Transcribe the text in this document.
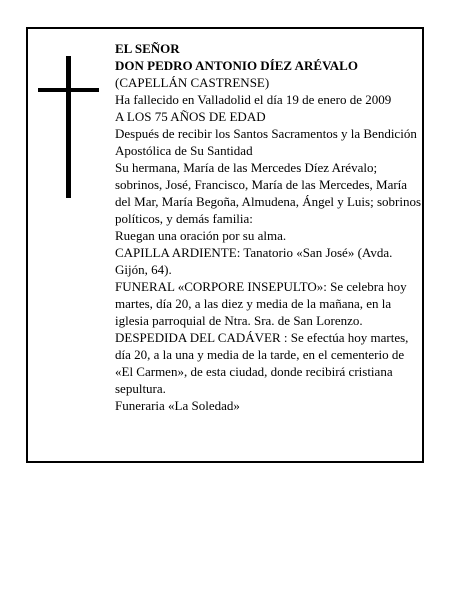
EL SEÑOR

DON PEDRO ANTONIO DÍEZ ARÉVALO

(CAPELLÁN CASTRENSE)

Ha fallecido en Valladolid el día 19 de enero de 2009

A LOS 75 AÑOS DE EDAD

Después de recibir los Santos Sacramentos y la Bendición Apostólica de Su Santidad

Su hermana, María de las Mercedes Díez Arévalo; sobrinos, José, Francisco, María de las Mercedes, María del Mar, María Begoña, Almudena, Ángel y Luis; sobrinos políticos, y demás familia:

Ruegan una oración por su alma.

CAPILLA ARDIENTE: Tanatorio «San José» (Avda. Gijón, 64).

FUNERAL «CORPORE INSEPULTO»: Se celebra hoy martes, día 20, a las diez y media de la mañana, en la iglesia parroquial de Ntra. Sra. de San Lorenzo.

DESPEDIDA DEL CADÁVER : Se efectúa hoy martes, día 20, a la una y media de la tarde, en el cementerio de «El Carmen», de esta ciudad, donde recibirá cristiana sepultura.

Funeraria «La Soledad»
